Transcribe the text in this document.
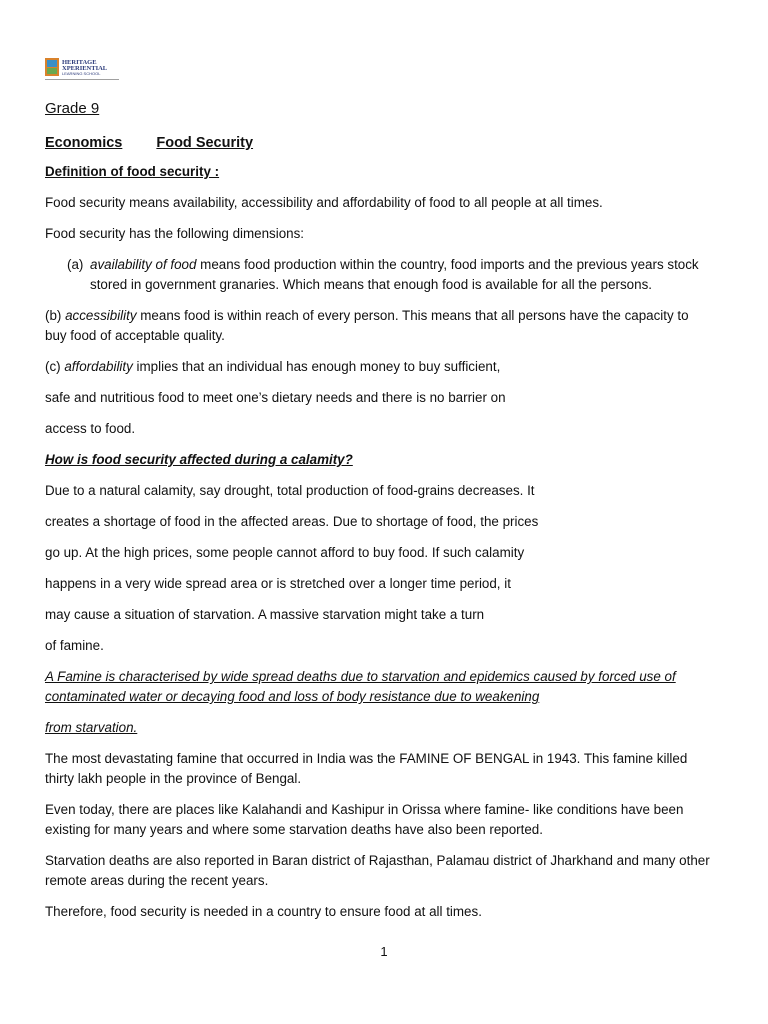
HERITAGE
XPERIENTIAL
LEARNING SCHOOL
Grade 9
Economics Food Security
Definition of food security :

Food security means availability, accessibility and affordability of food to all people at all times.

Food security has the following dimensions:

(a) availability of food means food production within the country, food imports and the previous years stock stored in government granaries. Which means that enough food is available for all the persons.

(b) accessibility means food is within reach of every person. This means that all persons have the capacity to buy food of acceptable quality.

(c) affordability implies that an individual has enough money to buy sufficient,

safe and nutritious food to meet one’s dietary needs and there is no barrier on

access to food.

How is food security affected during a calamity?

Due to a natural calamity, say drought, total production of food-grains decreases. It

creates a shortage of food in the affected areas. Due to shortage of food, the prices

go up. At the high prices, some people cannot afford to buy food. If such calamity

happens in a very wide spread area or is stretched over a longer time period, it

may cause a situation of starvation. A massive starvation might take a turn

of famine.

A Famine is characterised by wide spread deaths due to starvation and epidemics caused by forced use of contaminated water or decaying food and loss of body resistance due to weakening
from starvation.

The most devastating famine that occurred in India was the FAMINE OF BENGAL in 1943. This famine killed thirty lakh people in the province of Bengal.

Even today, there are places like Kalahandi and Kashipur in Orissa where famine- like conditions have been existing for many years and where some starvation deaths have also been reported.

Starvation deaths are also reported in Baran district of Rajasthan, Palamau district of Jharkhand and many other remote areas during the recent years.

Therefore, food security is needed in a country to ensure food at all times.

1
